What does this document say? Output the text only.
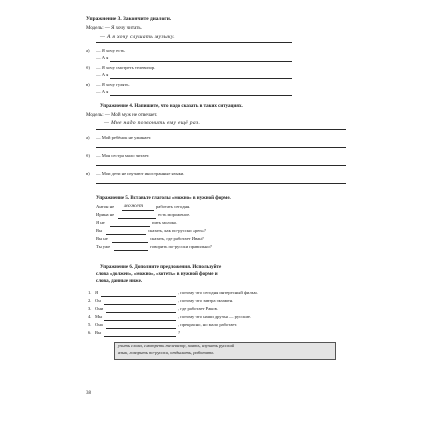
Упражнение 3. Закончите диалоги.
Модель: — Я хочу читать.
— А я хочу слушать музыку.
а) — Я хочу есть.
— А я
б) — Я хочу смотреть телевизор.
— А я
в) — Я хочу гулять.
— А я
Упражнение 4. Напишите, что надо сказать в таких ситуациях.
Модель: — Мой муж не отвечает.
— Мне надо позвонить ему ещё раз.
а) — Мой ребёнок не ужинает.
б) — Моя сестра мало читает.
в) — Мои дети не изучают иностранные языки.
Упражнение 5. Вставьте глаголы «можно» в нужной форме.
Антон не может	работать сегодня.
Ирина не	есть мороженое.
Я не	пить молоко.
Вы	сказать, как по-русски «pen»?
Вы не	сказать, где работает Иван?
Ты уже	говорить по-русски правильно?
Упражнение 6. Дополните предложения. Используйте
слова «должен», «можно», «хотеть» в нужной форме и
слова, данные ниже.
1. Я	, потому что сегодня интересный фильм.
2. Он	, потому что завтра экзамен.
3. Они	, где работает Раков.
4. Мы	, потому что наши друзья — русские.
5. Она	, прекрасно, но мало работает.
6. Вы	?
учить слова, смотреть телевизор, знать, изучать русский
язык, говорить по-русски, отдыхать, работать
38
